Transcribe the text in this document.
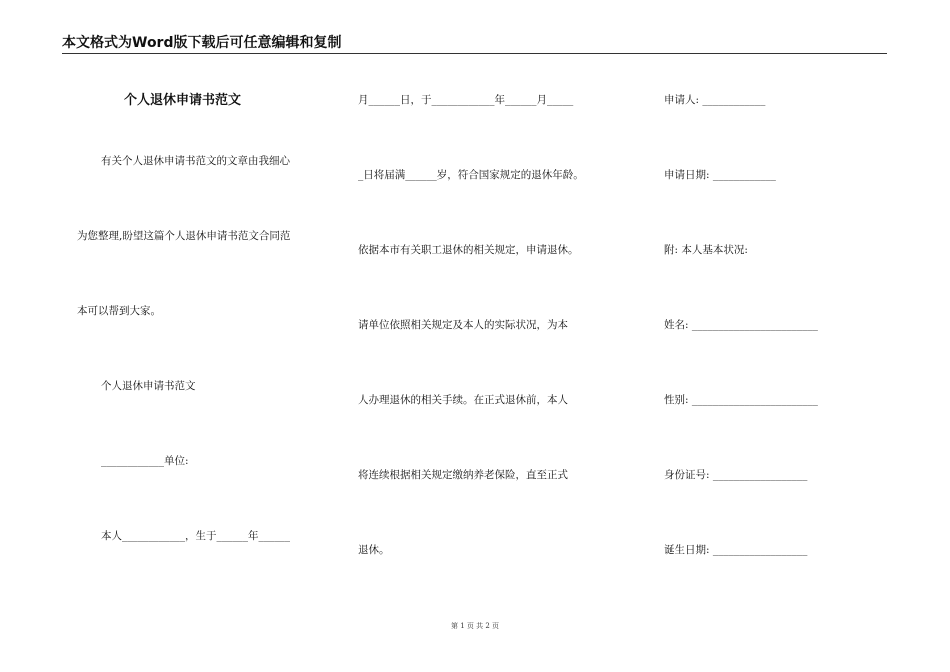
本文格式为Word版下载后可任意编辑和复制
个人退休申请书范文
有关个人退休申请书范文的文章由我细心
为您整理,盼望这篇个人退休申请书范文合同范
本可以帮到大家。
个人退休申请书范文
____________单位:
本人____________，生于______年______
月______日，于____________年______月_____
_日将届满______岁，符合国家规定的退休年龄。
依据本市有关职工退休的相关规定，申请退休。
请单位依照相关规定及本人的实际状况，为本
人办理退休的相关手续。在正式退休前，本人
将连续根据相关规定缴纳养老保险，直至正式
退休。
申请人: ____________
申请日期: ____________
附: 本人基本状况:
姓名: ________________________
性别: ________________________
身份证号: __________________
诞生日期: __________________
第 1 页 共 2 页
